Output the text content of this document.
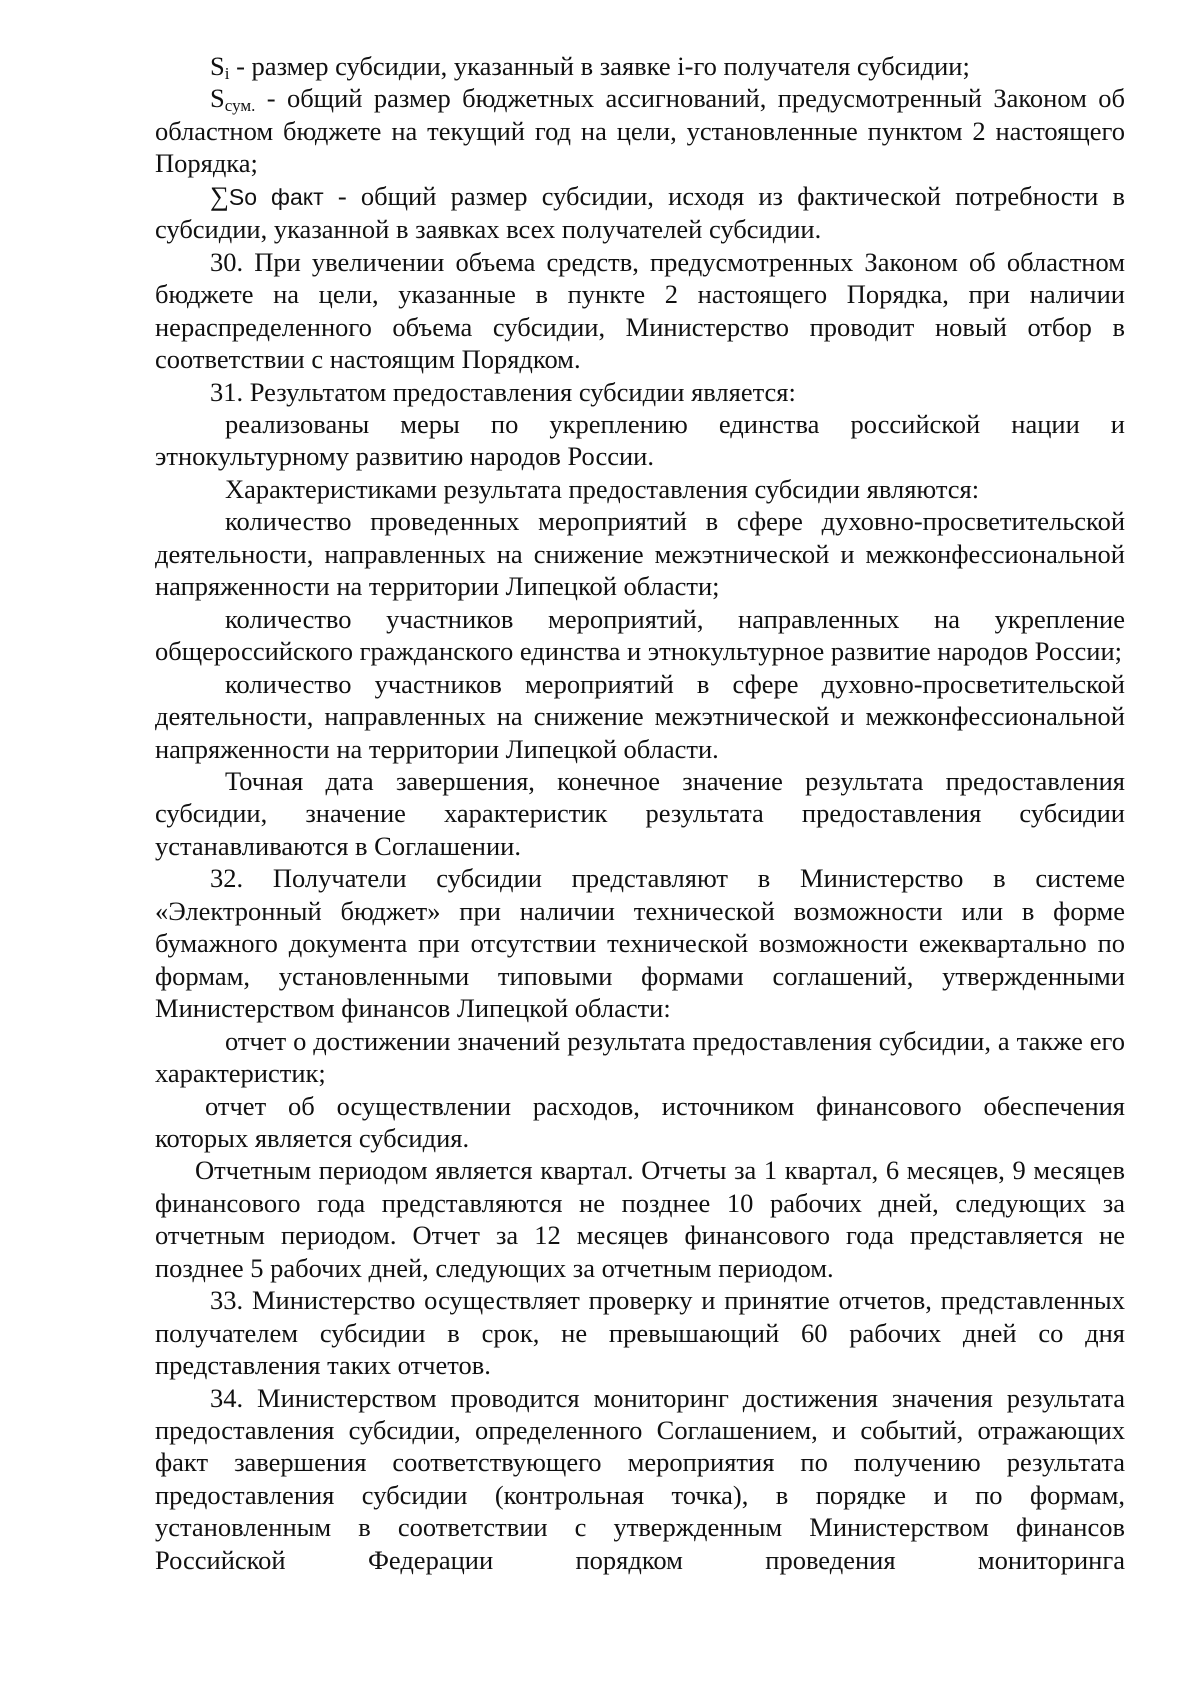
$S_i$ - размер субсидии, указанный в заявке i-го получателя субсидии;

$S_{сум.}$ - общий размер бюджетных ассигнований, предусмотренный Законом об областном бюджете на текущий год на цели, установленные пунктом 2 настоящего Порядка;

∑So факт - общий размер субсидии, исходя из фактической потребности в субсидии, указанной в заявках всех получателей субсидии.

30. При увеличении объема средств, предусмотренных Законом об областном бюджете на цели, указанные в пункте 2 настоящего Порядка, при наличии нераспределенного объема субсидии, Министерство проводит новый отбор в соответствии с настоящим Порядком.

31. Результатом предоставления субсидии является:

реализованы меры по укреплению единства российской нации и этнокультурному развитию народов России.

Характеристиками результата предоставления субсидии являются:

количество проведенных мероприятий в сфере духовно-просветительской деятельности, направленных на снижение межэтнической и межконфессиональной напряженности на территории Липецкой области;

количество участников мероприятий, направленных на укрепление общероссийского гражданского единства и этнокультурное развитие народов России;

количество участников мероприятий в сфере духовно-просветительской деятельности, направленных на снижение межэтнической и межконфессиональной напряженности на территории Липецкой области.

Точная дата завершения, конечное значение результата предоставления субсидии, значение характеристик результата предоставления субсидии устанавливаются в Соглашении.

32. Получатели субсидии представляют в Министерство в системе «Электронный бюджет» при наличии технической возможности или в форме бумажного документа при отсутствии технической возможности ежеквартально по формам, установленными типовыми формами соглашений, утвержденными Министерством финансов Липецкой области:

отчет о достижении значений результата предоставления субсидии, а также его характеристик;

отчет об осуществлении расходов, источником финансового обеспечения которых является субсидия.

Отчетным периодом является квартал. Отчеты за 1 квартал, 6 месяцев, 9 месяцев финансового года представляются не позднее 10 рабочих дней, следующих за отчетным периодом. Отчет за 12 месяцев финансового года представляется не позднее 5 рабочих дней, следующих за отчетным периодом.

33. Министерство осуществляет проверку и принятие отчетов, представленных получателем субсидии в срок, не превышающий 60 рабочих дней со дня представления таких отчетов.

34. Министерством проводится мониторинг достижения значения результата предоставления субсидии, определенного Соглашением, и событий, отражающих факт завершения соответствующего мероприятия по получению результата предоставления субсидии (контрольная точка), в порядке и по формам, установленным в соответствии с утвержденным Министерством финансов Российской Федерации порядком проведения мониторинга
